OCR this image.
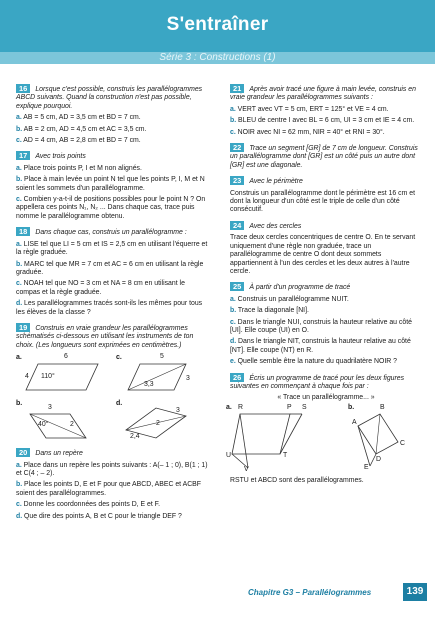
S'entraîner
Série 3 : Constructions (1)
16 Lorsque c'est possible, construis les parallélogrammes ABCD suivants. Quand la construction n'est pas possible, explique pourquoi.
a. AB = 5 cm, AD = 3,5 cm et BD = 7 cm.
b. AB = 2 cm, AD = 4,5 cm et AC = 3,5 cm.
c. AD = 4 cm, AB = 2,8 cm et BD = 7 cm.
17 Avec trois points
a. Place trois points P, I et M non alignés.
b. Place à main levée un point N tel que les points P, I, M et N soient les sommets d'un parallélogramme.
c. Combien y-a-t-il de positions possibles pour le point N ? On appellera ces points N₁, N₂ ... Dans chaque cas, trace puis nomme le parallélogramme obtenu.
18 Dans chaque cas, construis un parallélogramme :
a. LISE tel que LI = 5 cm et IS = 2,5 cm en utilisant l'équerre et la règle graduée.
b. MARC tel que MR = 7 cm et AC = 6 cm en utilisant la règle graduée.
c. NOAH tel que NO = 3 cm et NA = 8 cm en utilisant le compas et la règle graduée.
d. Les parallélogrammes tracés sont-ils les mêmes pour tous les élèves de la classe ?
19 Construis en vraie grandeur les parallélogrammes schématisés ci-dessous en utilisant les instruments de ton choix. (Les longueurs sont exprimées en centimètres.)
a.	6
4 110°
c.	5
3,3
3
b.
3
40°	2
d.
3
2
2,4
20 Dans un repère
a. Place dans un repère les points suivants : A(– 1 ; 0), B(1 ; 1) et C(4 ; – 2).
b. Place les points D, E et F pour que ABCD, ABEC et ACBF soient des parallélogrammes.
c. Donne les coordonnées des points D, E et F.
d. Que dire des points A, B et C pour le triangle DEF ?
21 Après avoir tracé une figure à main levée, construis en vraie grandeur les parallélogrammes suivants :
a. VERT avec VT = 5 cm, ERT = 125° et VE = 4 cm.
b. BLEU de centre I avec BL = 6 cm, UI = 3 cm et IE = 4 cm.
c. NOIR avec NI = 62 mm, NIR = 40° et RNI = 30°.
22 Trace un segment [GR] de 7 cm de longueur. Construis un parallélogramme dont [GR] est un côté puis un autre dont [GR] est une diagonale.
23 Avec le périmètre
Construis un parallélogramme dont le périmètre est 16 cm et dont la longueur d'un côté est le triple de celle d'un côté consécutif.
24 Avec des cercles
Trace deux cercles concentriques de centre O. En te servant uniquement d'une règle non graduée, trace un parallélogramme de centre O dont deux sommets appartiennent à l'un des cercles et les deux autres à l'autre cercle.
25 À partir d'un programme de tracé
a. Construis un parallélogramme NUIT.
b. Trace la diagonale [NI].
c. Dans le triangle NUI, construis la hauteur relative au côté [UI]. Elle coupe (UI) en O.
d. Dans le triangle NIT, construis la hauteur relative au côté [NT]. Elle coupe (NT) en R.
e. Quelle semble être la nature du quadrilatère NOIR ?
26 Écris un programme de tracé pour les deux figures suivantes en commençant à chaque fois par :
« Trace un parallélogramme... »
a. R	P S
U	T
V
b.
A
B
C
D
E
RSTU et ABCD sont des parallélogrammes.
Chapitre G3 – Parallélogrammes	139
